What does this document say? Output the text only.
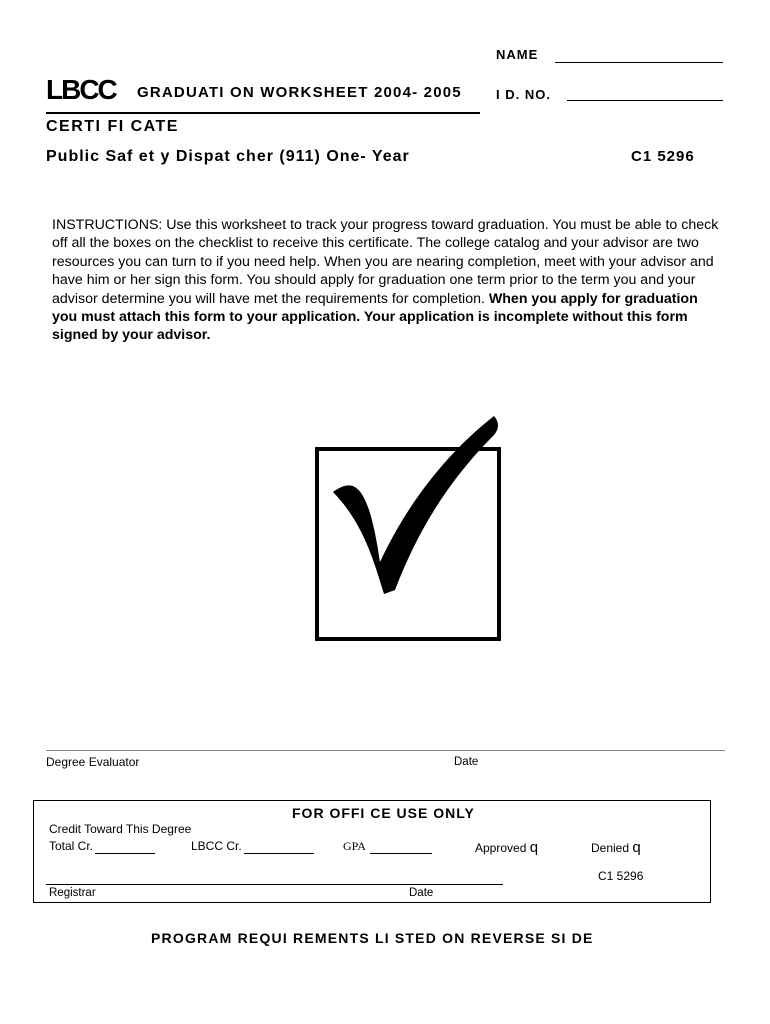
NAME
LBCC GRADUATI ON WORKSHEET 2004- 2005	I D. NO.
CERTI FI CATE
Public Saf et y Dispat cher (911) One- Year	C1 5296
INSTRUCTIONS: Use this worksheet to track your progress toward graduation. You must be able to check off all the boxes on the checklist to receive this certificate. The college catalog and your advisor are two resources you can turn to if you need help. When you are nearing completion, meet with your advisor and have him or her sign this form. You should apply for graduation one term prior to the term you and your advisor determine you will have met the requirements for completion. When you apply for graduation you must attach this form to your application. Your application is incomplete without this form signed by your advisor.
Degree Evaluator	Date
FOR OFFI CE USE ONLY
Credit Toward This Degree
Total Cr.	LBCC Cr.	GPA	Approved q	Denied q
C1 5296
Registrar	Date
PROGRAM REQUI REMENTS LI STED ON REVERSE SI DE
